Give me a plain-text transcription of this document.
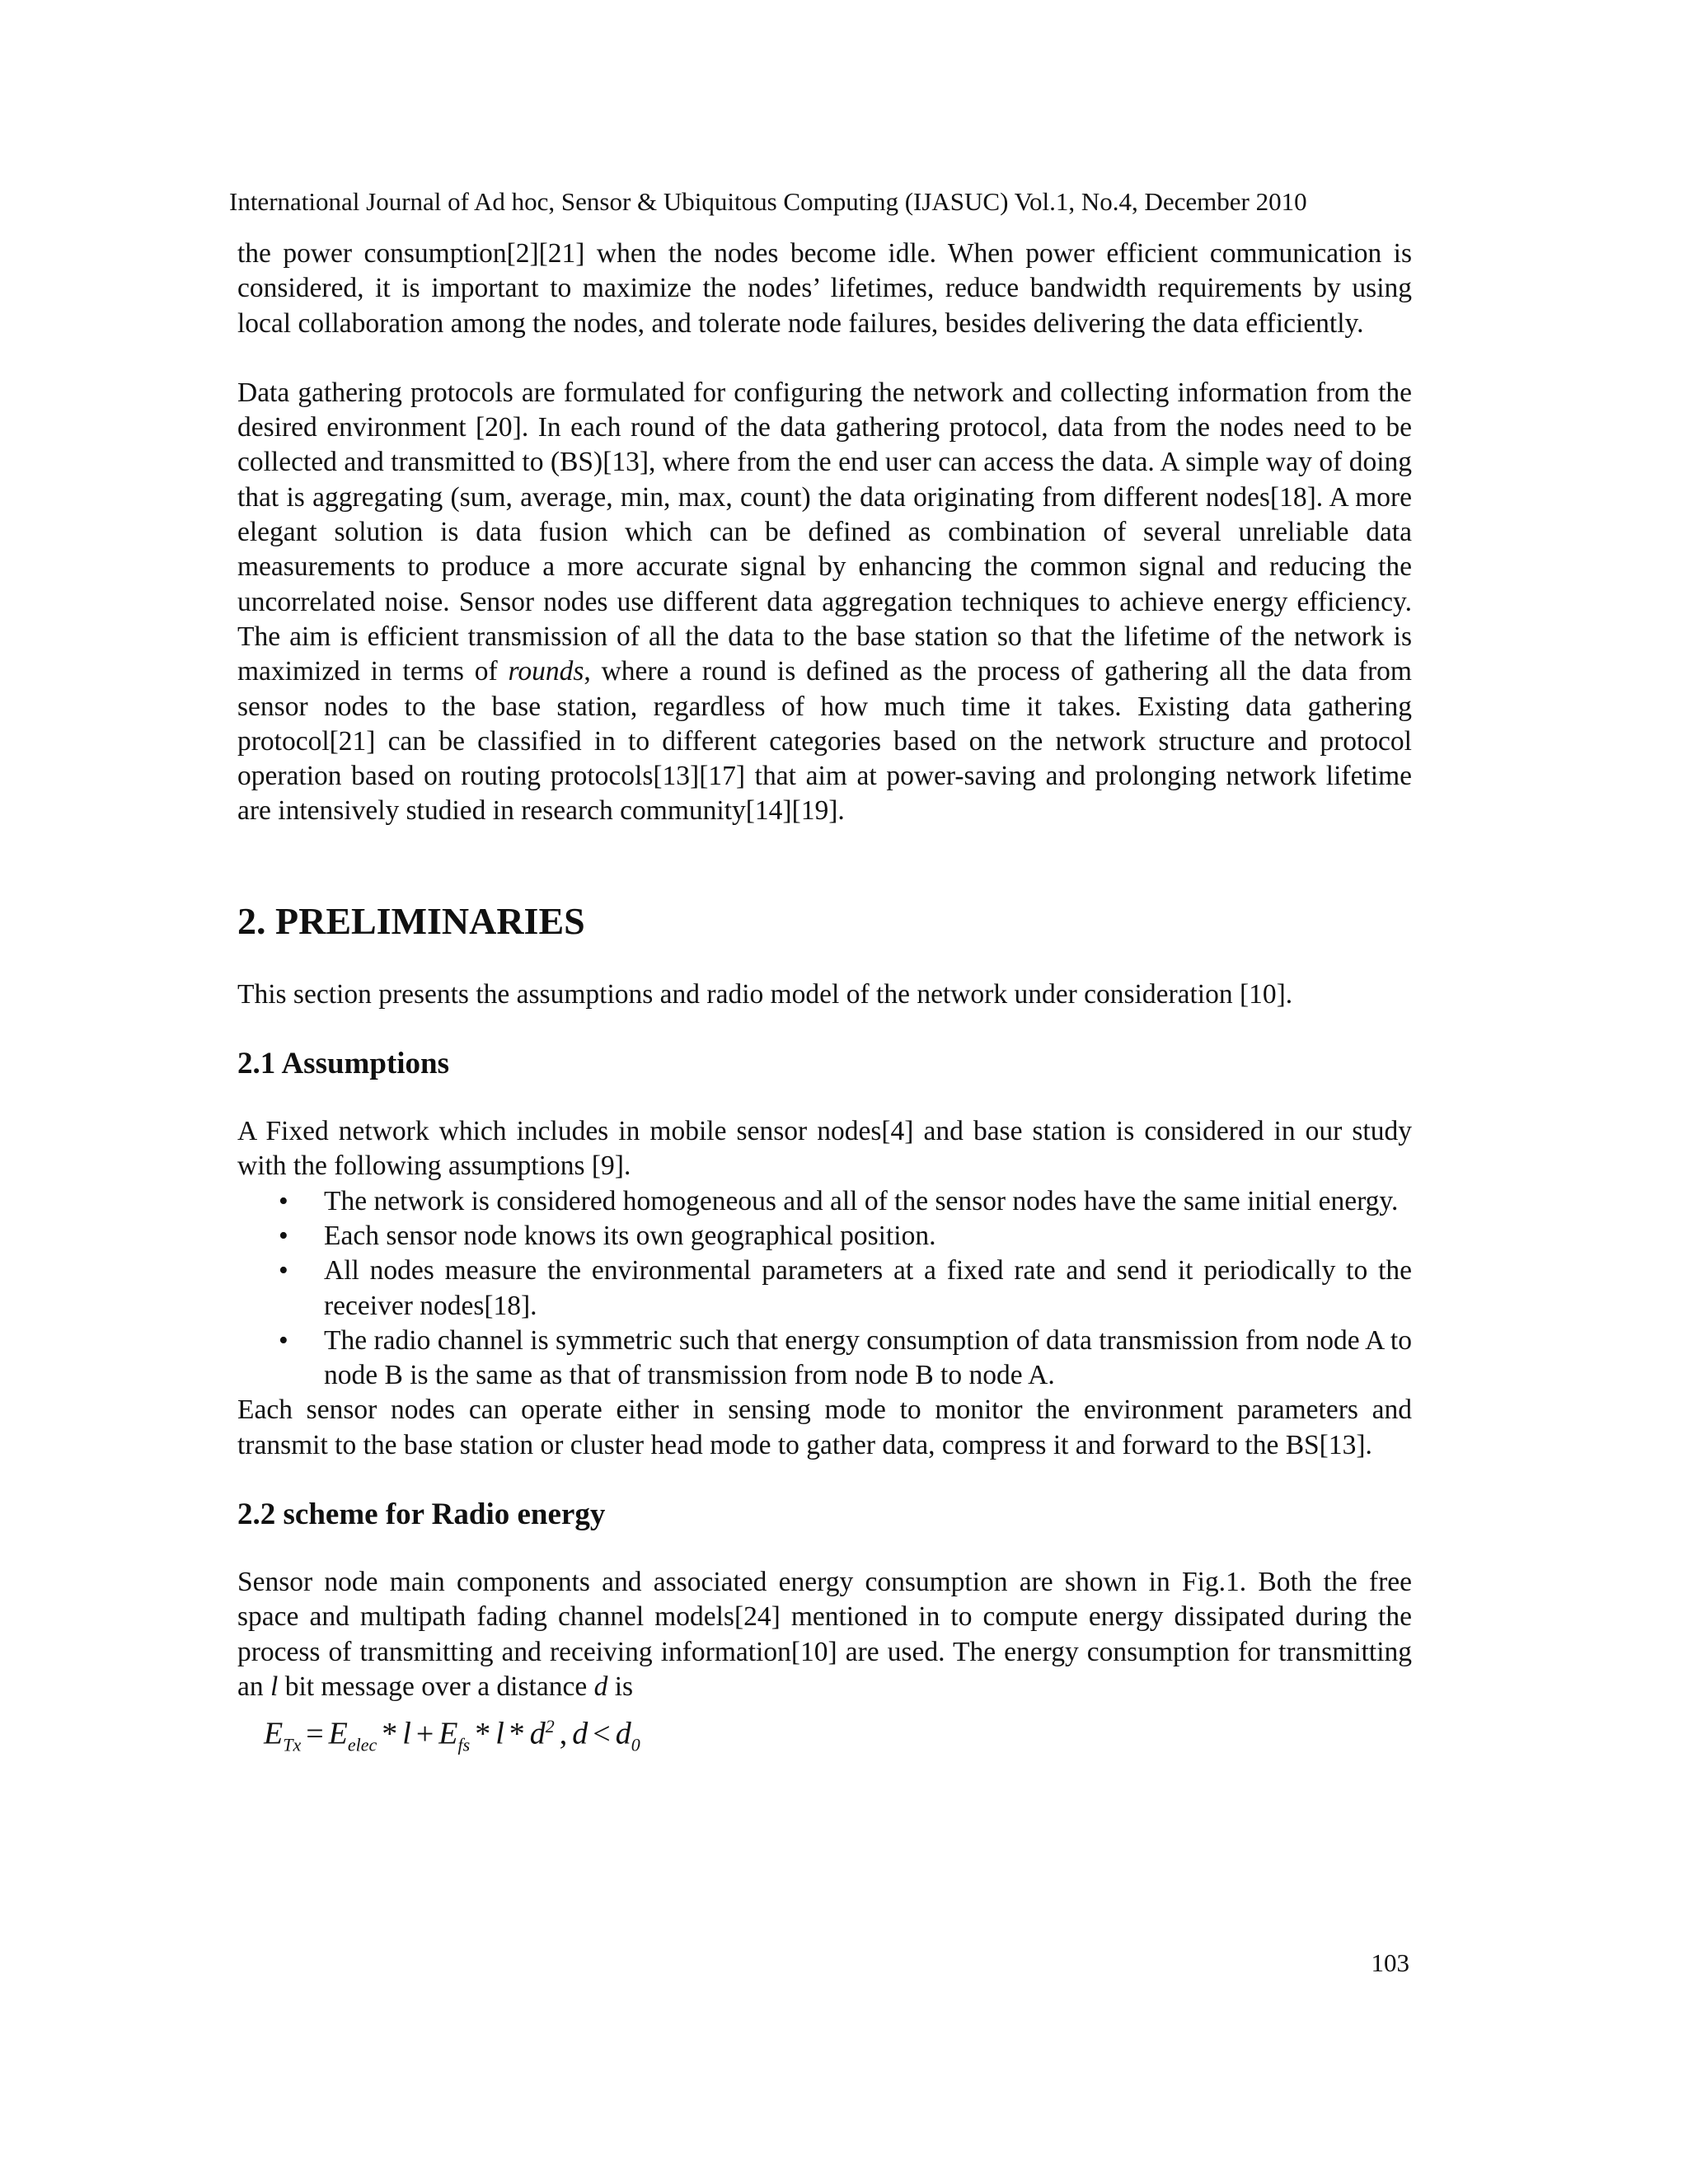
International Journal of Ad hoc, Sensor & Ubiquitous Computing (IJASUC) Vol.1, No.4, December 2010

the power consumption[2][21] when the nodes become idle. When power efficient communication is considered, it is important to maximize the nodes’ lifetimes, reduce bandwidth requirements by using local collaboration among the nodes, and tolerate node failures, besides delivering the data efficiently.

Data gathering protocols are formulated for configuring the network and collecting information from the desired environment [20]. In each round of the data gathering protocol, data from the nodes need to be collected and transmitted to (BS)[13], where from the end user can access the data. A simple way of doing that is aggregating (sum, average, min, max, count) the data originating from different nodes[18]. A more elegant solution is data fusion which can be defined as combination of several unreliable data measurements to produce a more accurate signal by enhancing the common signal and reducing the uncorrelated noise. Sensor nodes use different data aggregation techniques to achieve energy efficiency. The aim is efficient transmission of all the data to the base station so that the lifetime of the network is maximized in terms of rounds, where a round is defined as the process of gathering all the data from sensor nodes to the base station, regardless of how much time it takes. Existing data gathering protocol[21] can be classified in to different categories based on the network structure and protocol operation based on routing protocols[13][17] that aim at power-saving and prolonging network lifetime are intensively studied in research community[14][19].

2. PRELIMINARIES

This section presents the assumptions and radio model of the network under consideration [10].

2.1 Assumptions

A Fixed network which includes in mobile sensor nodes[4] and base station is considered in our study with the following assumptions [9].

• The network is considered homogeneous and all of the sensor nodes have the same initial energy.
• Each sensor node knows its own geographical position.
• All nodes measure the environmental parameters at a fixed rate and send it periodically to the receiver nodes[18].
• The radio channel is symmetric such that energy consumption of data transmission from node A to node B is the same as that of transmission from node B to node A.

Each sensor nodes can operate either in sensing mode to monitor the environment parameters and transmit to the base station or cluster head mode to gather data, compress it and forward to the BS[13].

2.2 scheme for Radio energy

Sensor node main components and associated energy consumption are shown in Fig.1. Both the free space and multipath fading channel models[24] mentioned in to compute energy dissipated during the process of transmitting and receiving information[10] are used. The energy consumption for transmitting an l bit message over a distance d is

$E_{Tx} = E_{elec} * l + E_{fs} * l * d^2$ , $d < d_0$
103
